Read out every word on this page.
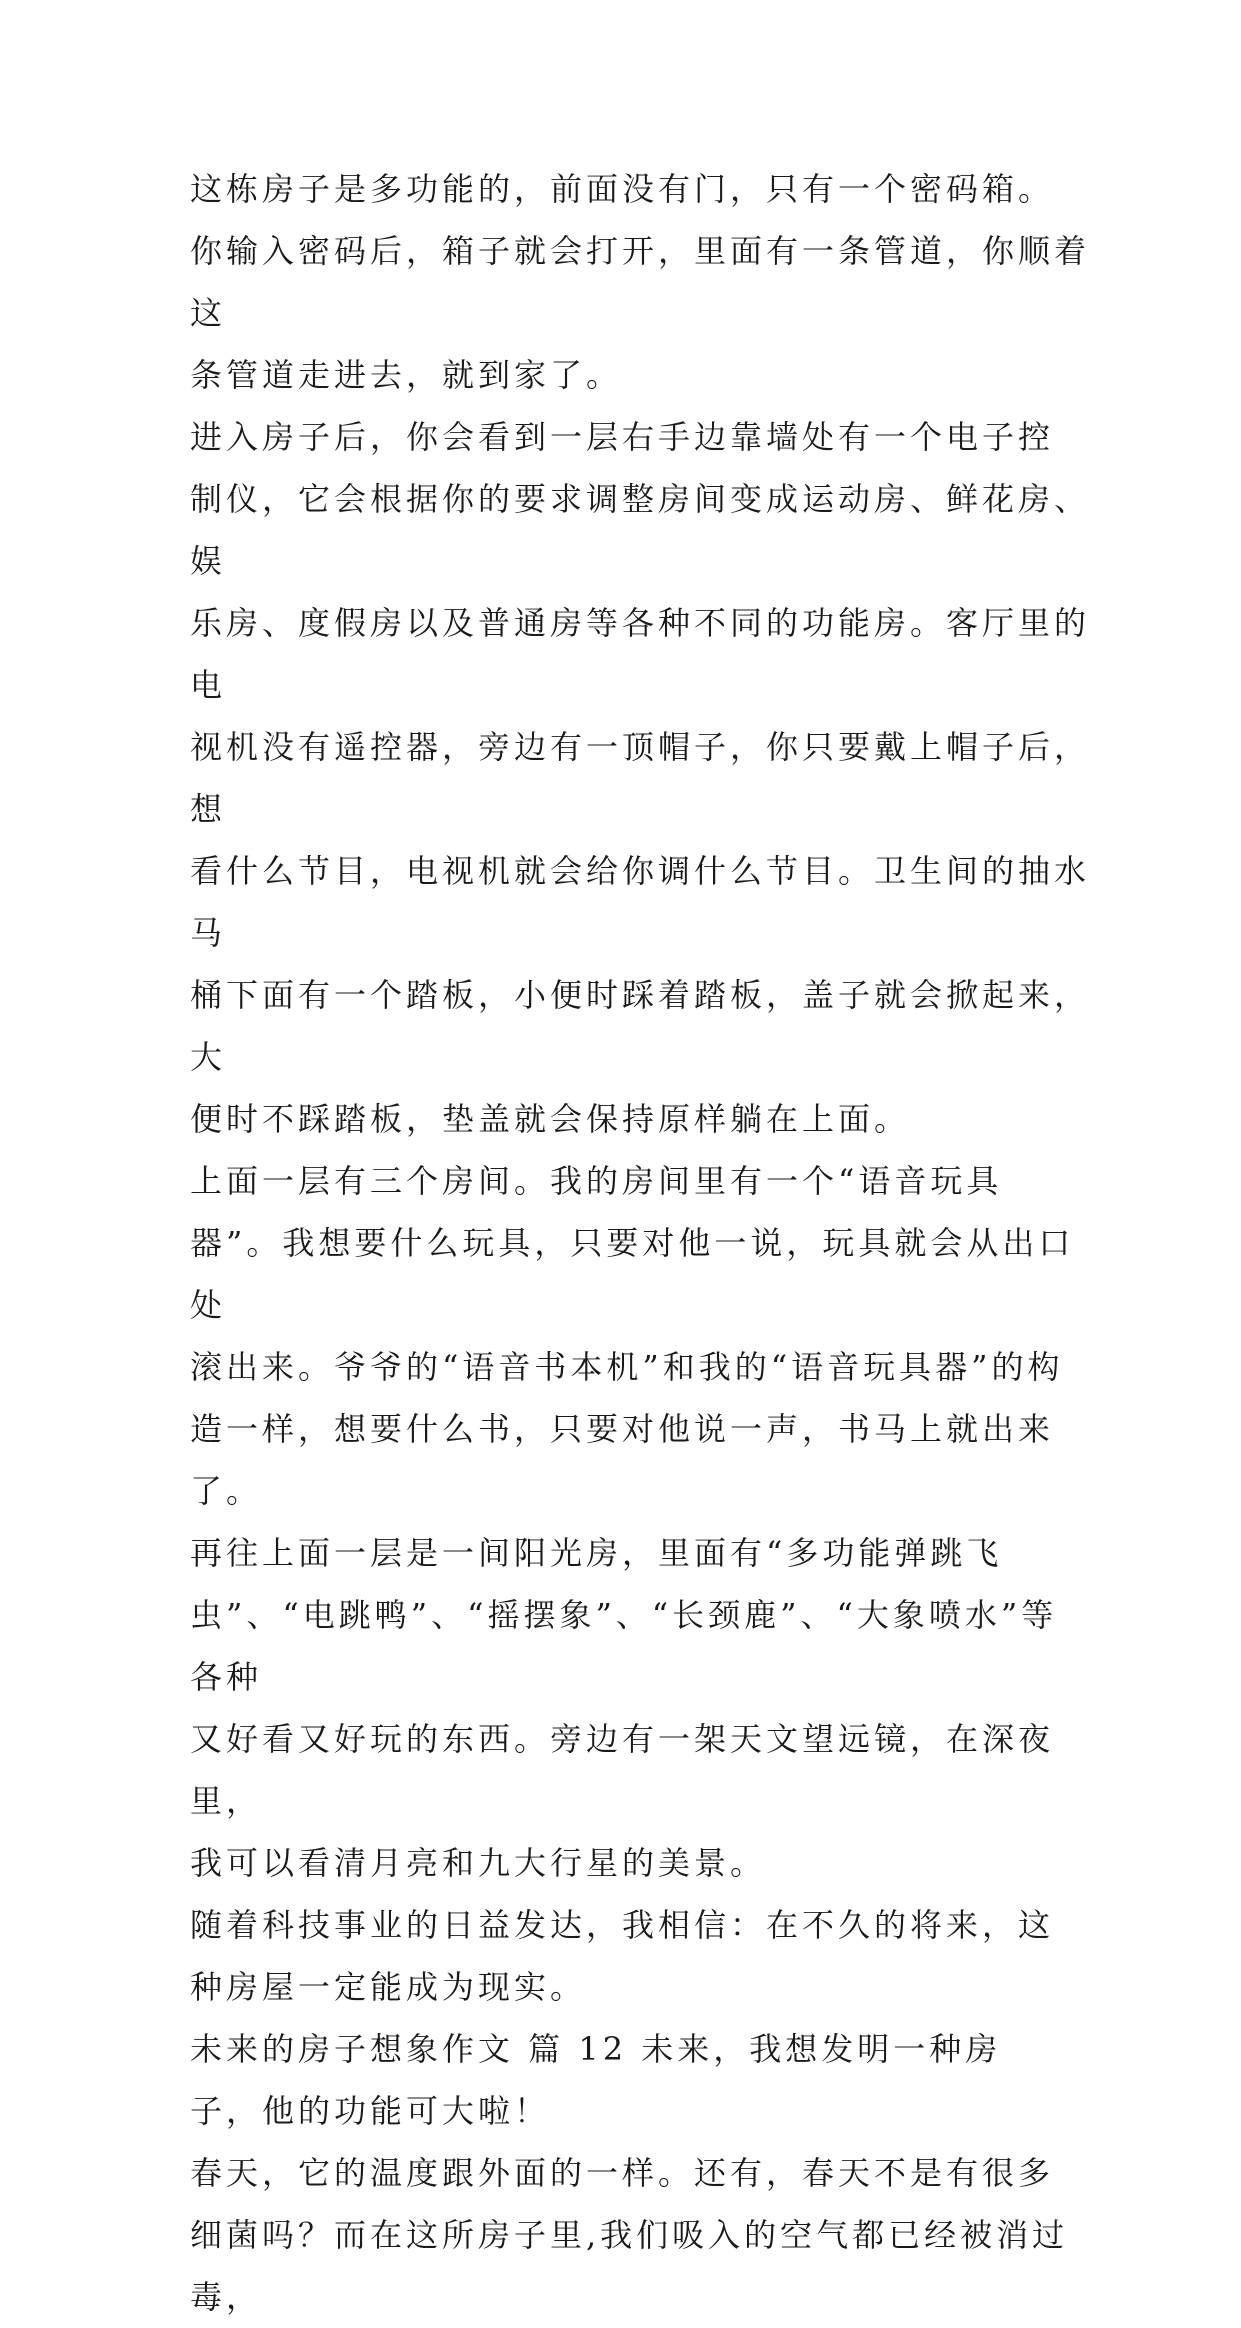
这栋房子是多功能的，前面没有门，只有一个密码箱。
你输入密码后，箱子就会打开，里面有一条管道，你顺着这
条管道走进去，就到家了。

进入房子后，你会看到一层右手边靠墙处有一个电子控
制仪，它会根据你的要求调整房间变成运动房、鲜花房、娱
乐房、度假房以及普通房等各种不同的功能房。客厅里的电
视机没有遥控器，旁边有一顶帽子，你只要戴上帽子后，想
看什么节目，电视机就会给你调什么节目。卫生间的抽水马
桶下面有一个踏板，小便时踩着踏板，盖子就会掀起来，大
便时不踩踏板，垫盖就会保持原样躺在上面。

上面一层有三个房间。我的房间里有一个“语音玩具
器”。我想要什么玩具，只要对他一说，玩具就会从出口处
滚出来。爷爷的“语音书本机”和我的“语音玩具器”的构
造一样，想要什么书，只要对他说一声，书马上就出来了。

再往上面一层是一间阳光房，里面有“多功能弹跳飞
虫”、“电跳鸭”、“摇摆象”、“长颈鹿”、“大象喷水”等各种
又好看又好玩的东西。旁边有一架天文望远镜，在深夜里，
我可以看清月亮和九大行星的美景。

随着科技事业的日益发达，我相信：在不久的将来，这
种房屋一定能成为现实。

未来的房子想象作文 篇 12 未来，我想发明一种房
子，他的功能可大啦！

春天，它的温度跟外面的一样。还有，春天不是有很多
细菌吗？而在这所房子里,我们吸入的空气都已经被消过毒，
